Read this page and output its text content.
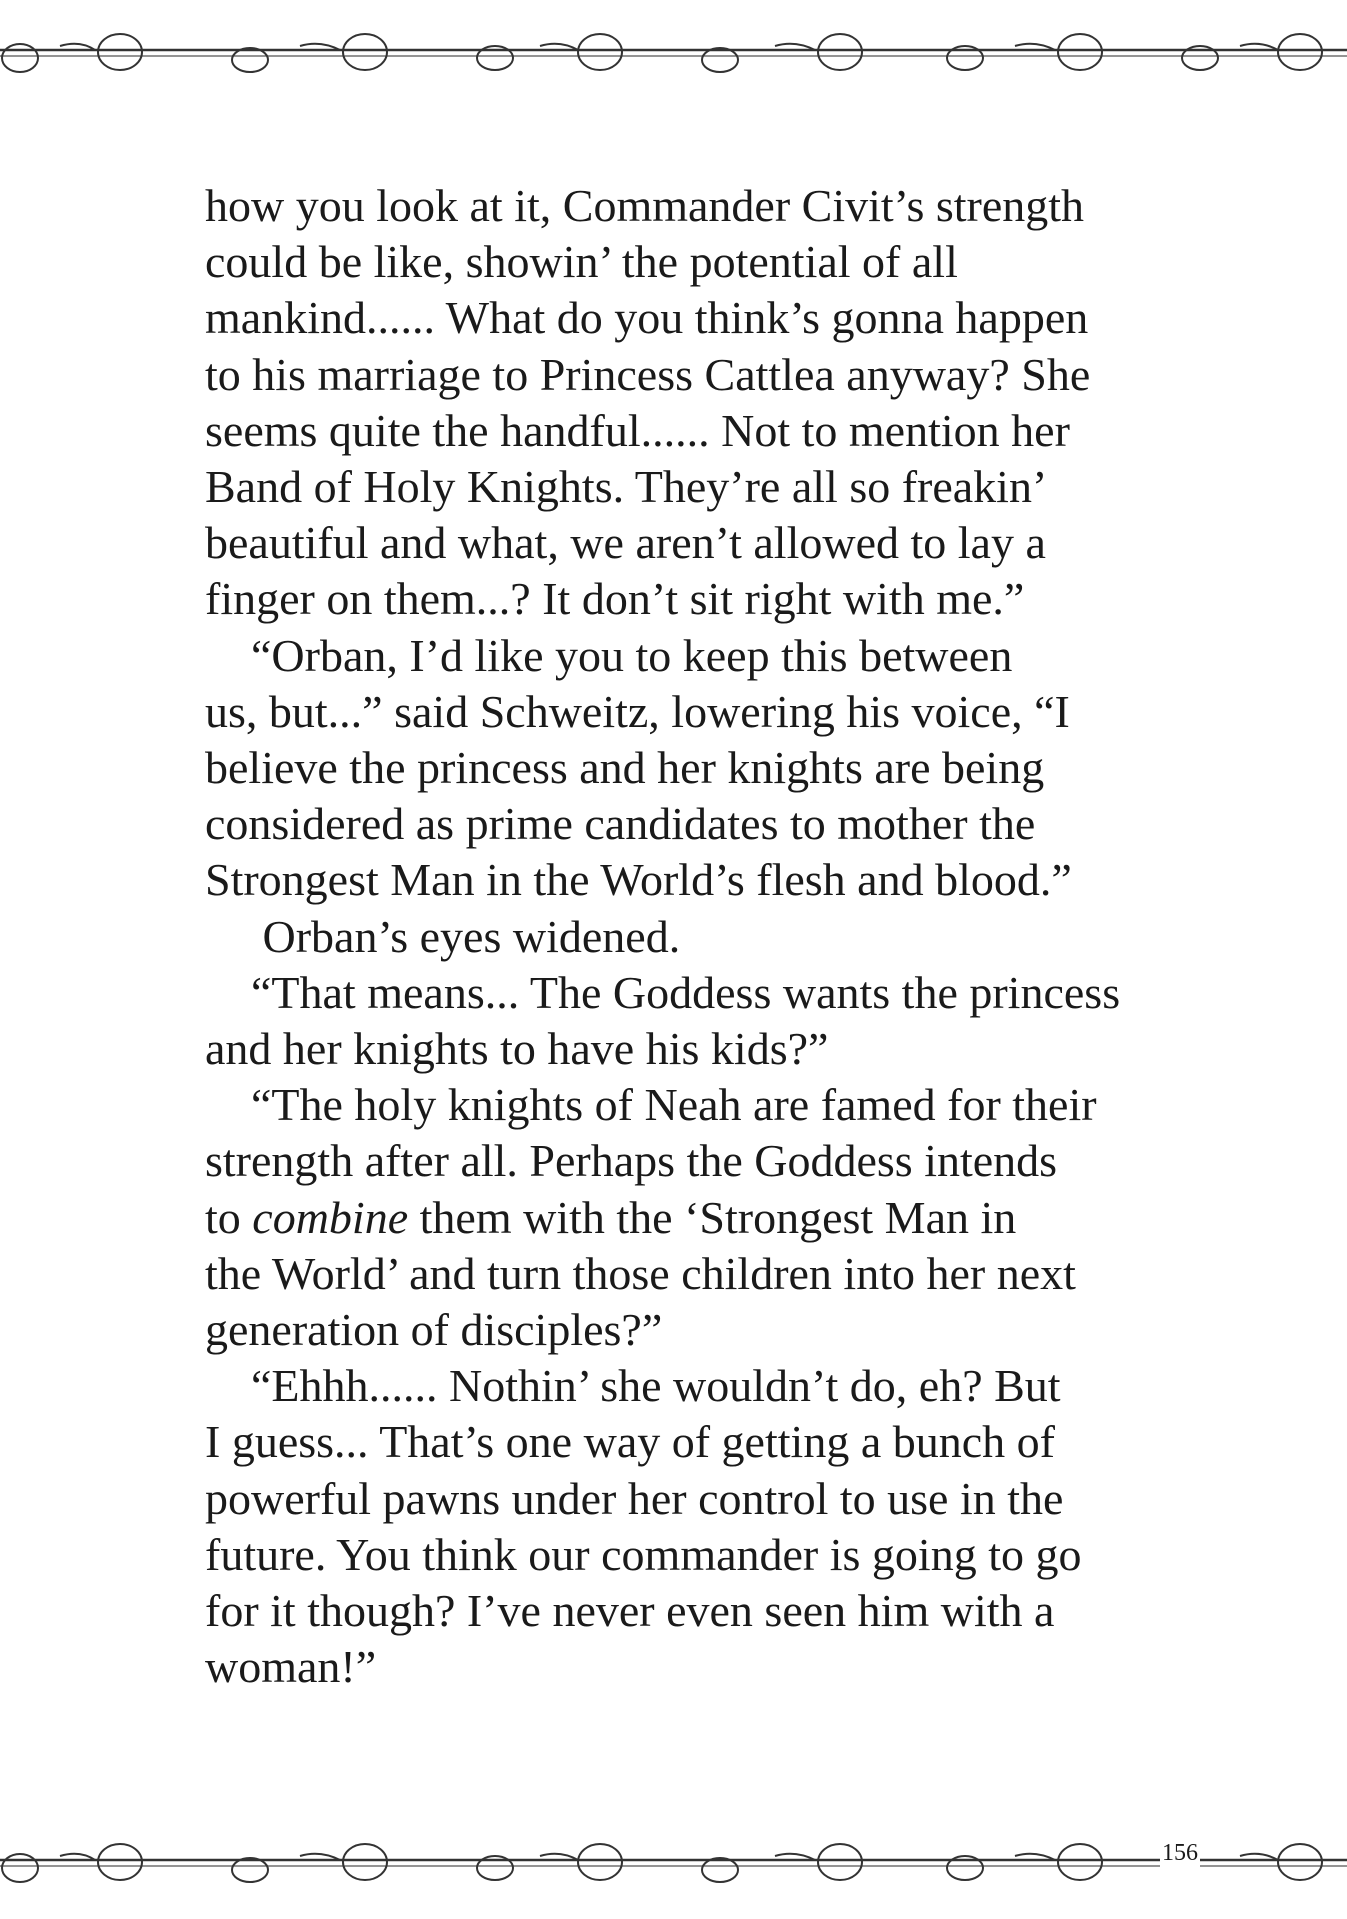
how you look at it, Commander Civit’s strength
could be like, showin’ the potential of all
mankind...... What do you think’s gonna happen
to his marriage to Princess Cattlea anyway? She
seems quite the handful...... Not to mention her
Band of Holy Knights. They’re all so freakin’
beautiful and what, we aren’t allowed to lay a
finger on them...? It don’t sit right with me.”
“Orban, I’d like you to keep this between
us, but...” said Schweitz, lowering his voice, “I
believe the princess and her knights are being
considered as prime candidates to mother the
Strongest Man in the World’s flesh and blood.”
Orban’s eyes widened.
“That means... The Goddess wants the princess
and her knights to have his kids?”
“The holy knights of Neah are famed for their
strength after all. Perhaps the Goddess intends
to combine them with the ‘Strongest Man in
the World’ and turn those children into her next
generation of disciples?”
“Ehhh...... Nothin’ she wouldn’t do, eh? But
I guess... That’s one way of getting a bunch of
powerful pawns under her control to use in the
future. You think our commander is going to go
for it though? I’ve never even seen him with a
woman!”
156
